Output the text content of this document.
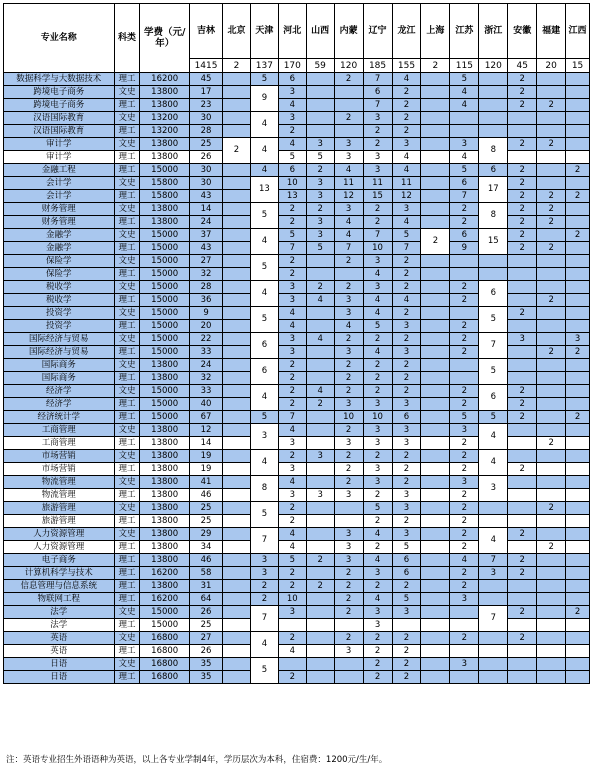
专业名称	科类	学费（元/年）	吉林	北京	天津	河北	山西	内蒙	辽宁	龙江	上海	江苏	浙江	安徽	福建	江西
			1415	2	137	170	59	120	185	155	2	115	120	45	20	15
数据科学与大数据技术	理工	16200	45		5	6		2	7	4		5		2		
跨境电子商务	文史	13800	17		9	3			6	2		4		2		
跨境电子商务	理工	13800	23			4			7	2		4		2	2	
汉语国际教育	文史	13200	30		4	3		2	3	2						
汉语国际教育	理工	13200	28			2			2	2						
审计学	文史	13800	25	2	4	4	3	3	2	3		3	8	2	2	
审计学	理工	13800	26			5	5	3	3	4		4				
金融工程	理工	15000	30		4	6	2	4	3	4		5	6	2		2
会计学	文史	15800	30		13	10	3	11	11	11		6	17	2		
会计学	理工	15800	43			13	3	12	15	12		7		2	2	2
财务管理	文史	13800	14		5	2	2	3	2	3		2	8	2	2	
财务管理	理工	13800	24			2	3	4	2	4		2		2	2	
金融学	文史	15000	37		4	5	3	4	7	5	2	6	15	2		2
金融学	理工	15000	43			7	5	7	10	7		9		2	2	
保险学	文史	15000	27		5	2		2	3	2						
保险学	理工	15000	32			2			4	2						
税收学	文史	15000	28		4	3	2	2	3	2		2	6			
税收学	理工	15000	36			3	4	3	4	4		2			2	
投资学	文史	15000	9		5	4		3	4	2			5	2		
投资学	理工	15000	20			4		4	5	3		2				
国际经济与贸易	文史	15000	22		6	3	4	2	2	2		2	7	3		3
国际经济与贸易	理工	15000	33			3		3	4	3		2			2	2
国际商务	文史	13800	24		6	2		2	2	2			5			
国际商务	理工	13800	32			2		2	2	2						
经济学	文史	15000	33		4	2	4	2	2	2		2	6	2		
经济学	理工	15000	40			2	2	3	3	3		2		2		
经济统计学	理工	15000	67		5	7		10	10	6		5	5	2		2
工商管理	文史	13800	12		3	4		2	3	3		3	4			
工商管理	理工	13800	14			3		3	3	3		2			2	
市场营销	文史	13800	19		4	2	3	2	2	2		2	4			
市场营销	理工	13800	19			3		2	3	2		2		2		
物流管理	文史	13800	41		8	4		2	3	2		3	3			
物流管理	理工	13800	46			3	3	3	2	3		2				
旅游管理	文史	13800	25		5	2			5	3		2			2	
旅游管理	理工	13800	25			2			2	2		2				
人力资源管理	文史	13800	29		7	4		3	4	3		2	4	2		
人力资源管理	理工	13800	34			4		3	2	5		2			2	
电子商务	理工	13800	46		3	5	2	3	4	6		4	7	2		
计算机科学与技术	理工	16200	58		3	2		2	3	6		2	3	2		
信息管理与信息系统	理工	13800	31		2	2	2	2	2	2		2				
物联网工程	理工	16200	64		2	10		2	4	5		3				
法学	文史	15000	26		7	3		2	3	3			7	2		2
法学	理工	15000	25						3							
英语	文史	16800	27		4	2		2	2	2		2		2		
英语	理工	16800	26			4		3	2	2						
日语	文史	16800	35		5				2	2		3				
日语	理工	16800	35			2			2	2						
注：英语专业招生外语语种为英语，以上各专业学制4年，学历层次为本科，住宿费：1200元/生/年。
